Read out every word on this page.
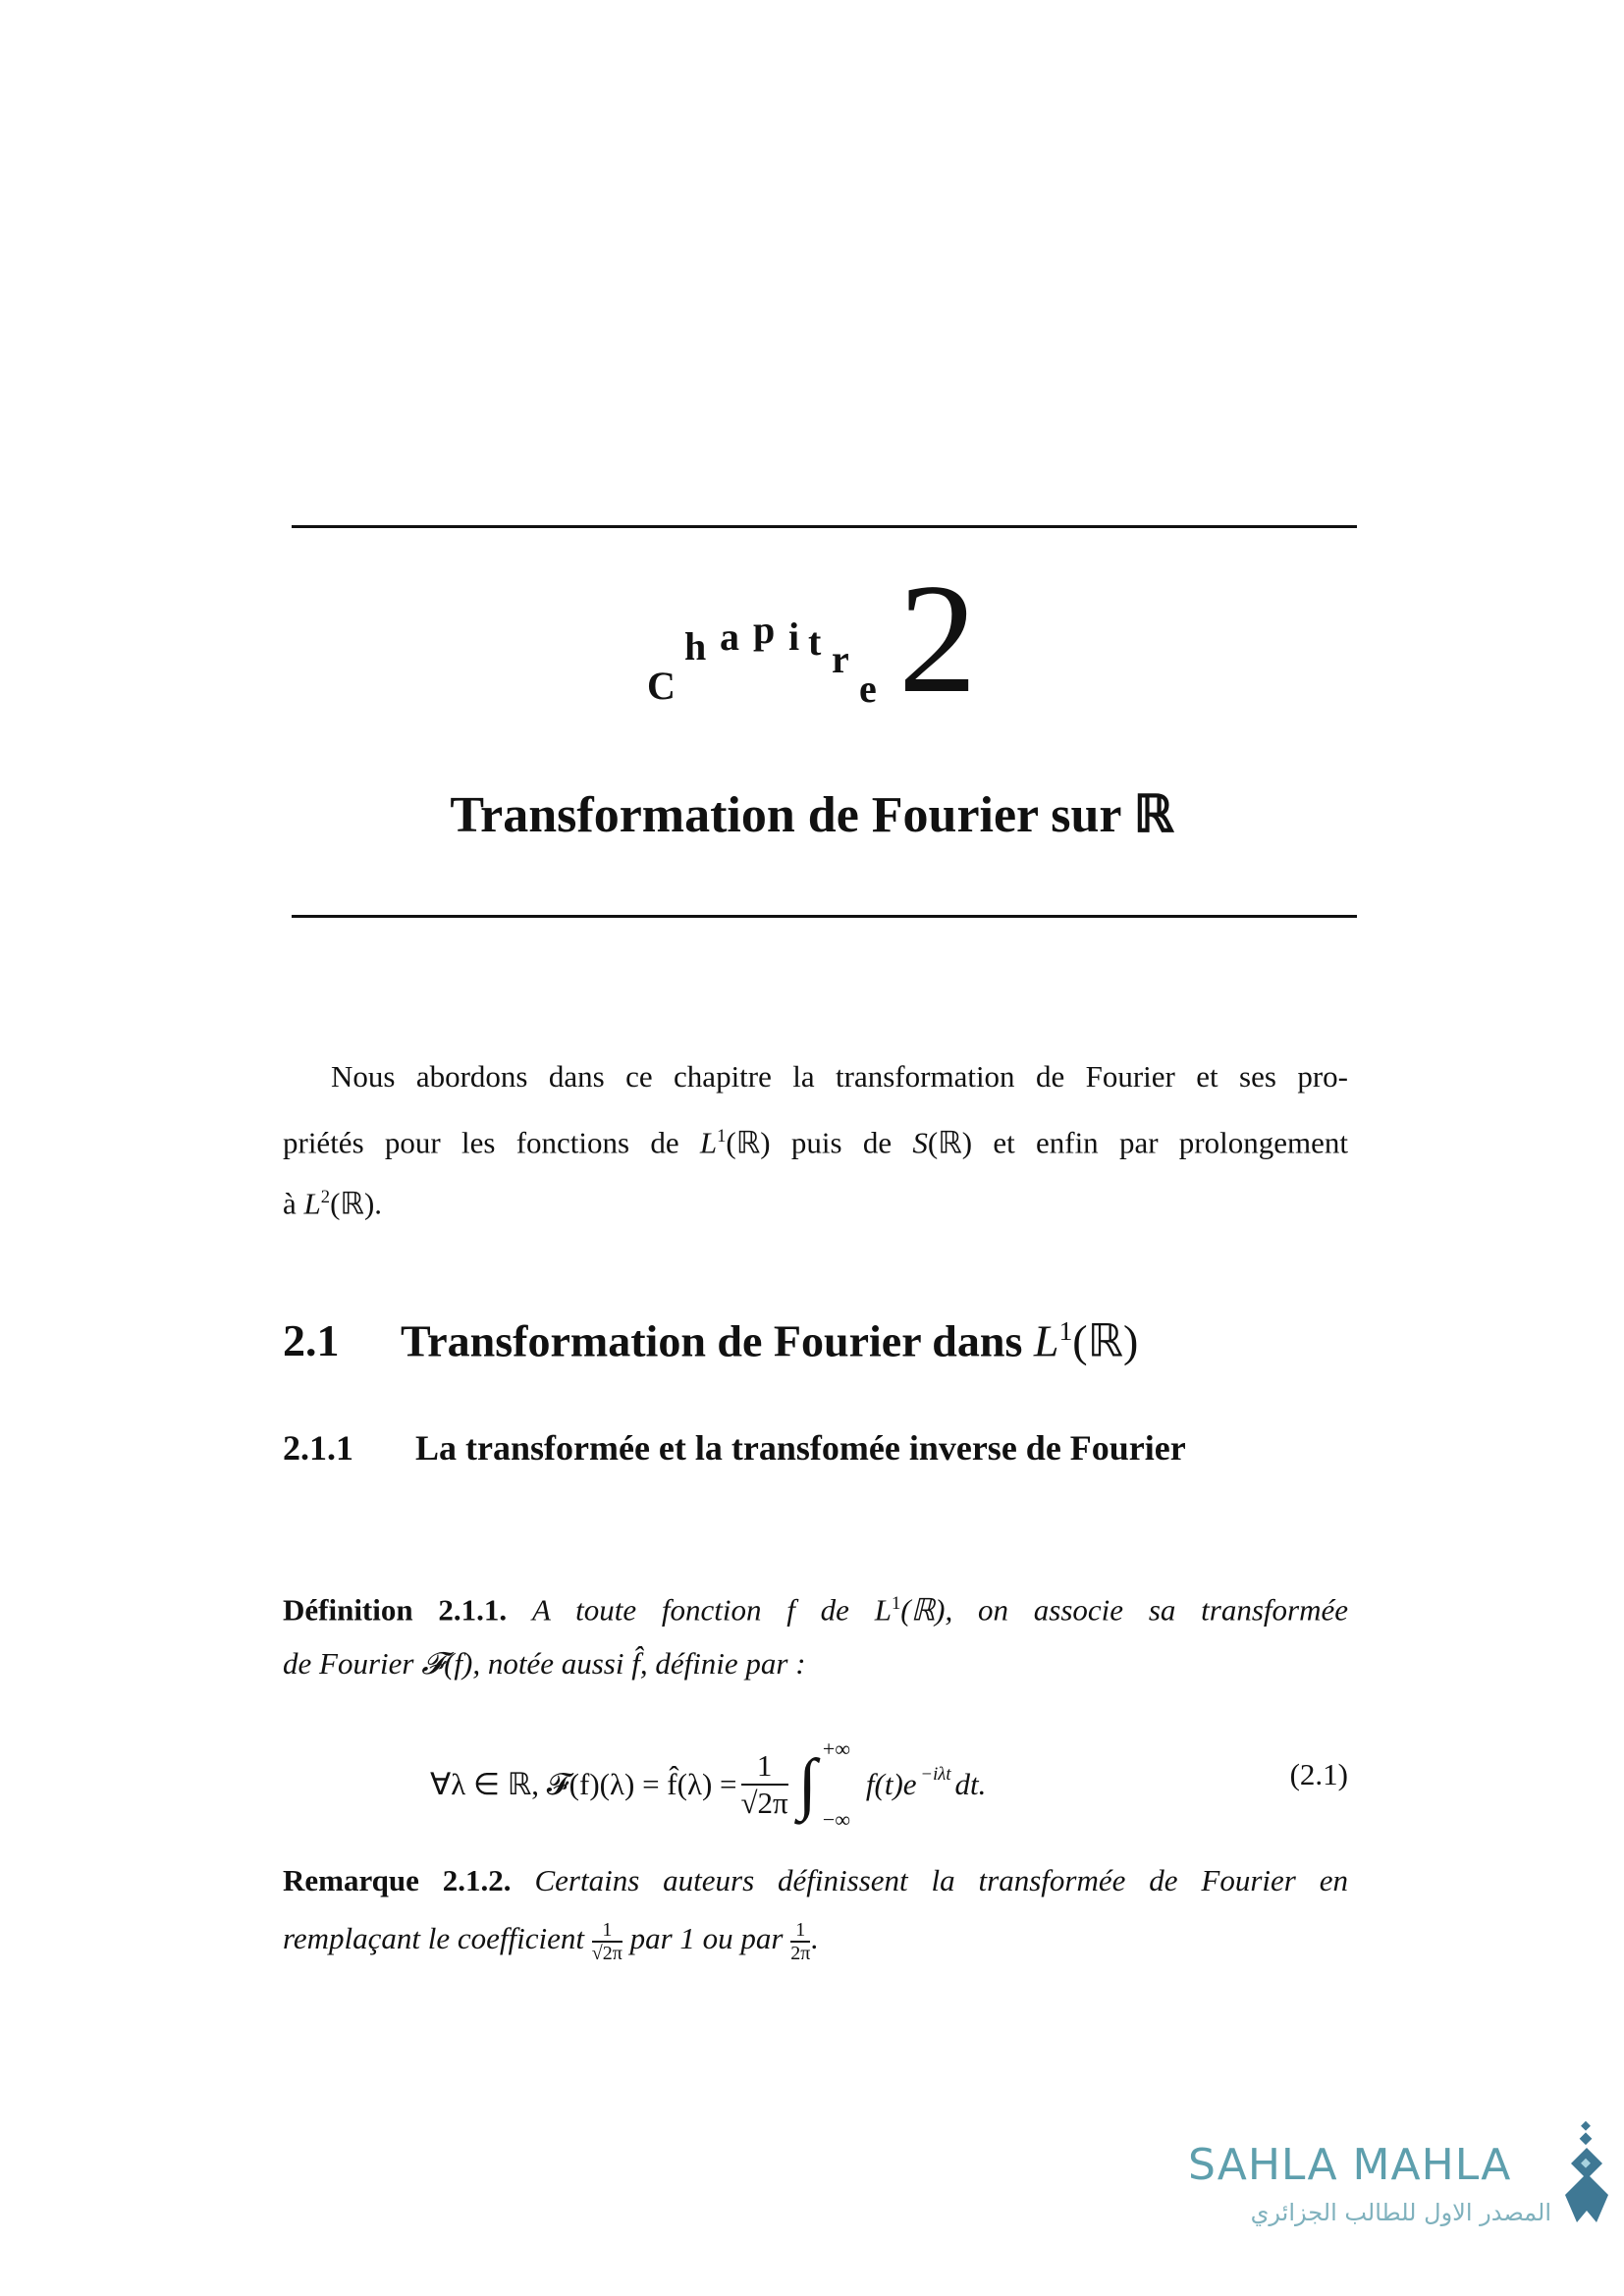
C
h a p i t r
e 2
Transformation de Fourier sur ℝ
Nous abordons dans ce chapitre la transformation de Fourier et ses pro-
priétés pour les fonctions de $L^1(ℝ)$ puis de S(ℝ) et enfin par prolongement
à $L^2(ℝ)$.
2.1 Transformation de Fourier dans $L^1(ℝ)$
2.1.1 La transformée et la transfomée inverse de Fourier
Définition 2.1.1. A toute fonction f de $L^1(ℝ)$, on associe sa transformée
de Fourier 𝓕(f), notée aussi f̂, définie par :
∀λ ∈ ℝ, 𝓕(f)(λ) = f̂(λ) = $\frac{1}{√2\pi}$ ∫ +∞
−∞
$f(t)e^{-i\lambda t}$ dt.	(2.1)
Remarque 2.1.2. Certains auteurs définissent la transformée de Fourier en
remplaçant le coefficient $\frac{1}{√2\pi}$ par 1 ou par $\frac{1}{2\pi}$ .
SAHLA MAHLA
المصدر الاول للطالب الجزائري
